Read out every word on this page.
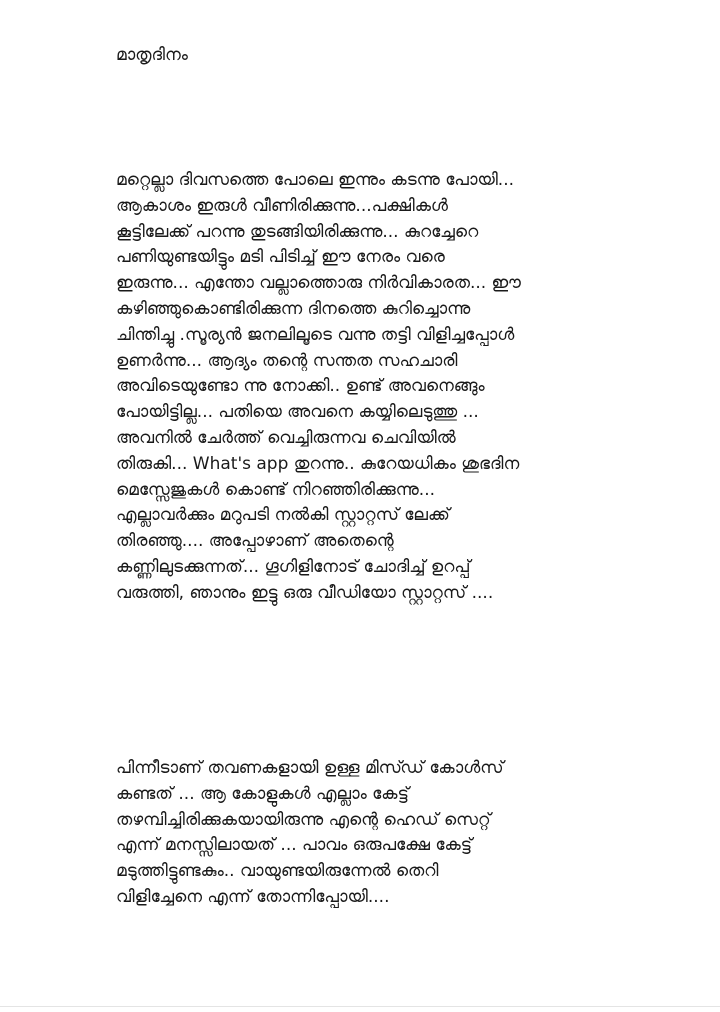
മാതൃദിനം
മറ്റെല്ലാ ദിവസത്തെ പോലെ ഇന്നും കടന്നു പോയി...
ആകാശം ഇരുൾ വീണിരിക്കുന്നു...പക്ഷികൾ
കൂട്ടിലേക്ക് പറന്നു തുടങ്ങിയിരിക്കുന്നു... കുറച്ചേറെ
പണിയുണ്ടയിട്ടും മടി പിടിച്ച് ഈ നേരം വരെ
ഇരുന്നു... എന്തോ വല്ലാത്തൊരു നിർവികാരത... ഈ
കഴിഞ്ഞുകൊണ്ടിരിക്കുന്ന ദിനത്തെ കുറിച്ചൊന്നു
ചിന്തിച്ചു .സൂര്യൻ ജനലിലൂടെ വന്നു തട്ടി വിളിച്ചപ്പോൾ
ഉണർന്നു... ആദ്യം തന്റെ സന്തത സഹചാരി
അവിടെയുണ്ടോ ന്നു നോക്കി.. ഉണ്ട് അവനെങ്ങും
പോയിട്ടില്ല... പതിയെ അവനെ കയ്യിലെടുത്തു ...
അവനിൽ ചേർത്ത് വെച്ചിരുന്നവ ചെവിയിൽ
തിരുകി... What's app തുറന്നു.. കുറേയധികം ശുഭദിന
മെസ്സേജുകൾ കൊണ്ട് നിറഞ്ഞിരിക്കുന്നു...
എല്ലാവർക്കും മറുപടി നൽകി സ്റ്റാറ്റസ് ലേക്ക്
തിരഞ്ഞു.... അപ്പോഴാണ് അതെന്റെ
കണ്ണിലുടക്കുന്നത്... ഗൂഗിളിനോട് ചോദിച്ച് ഉറപ്പ്
വരുത്തി, ഞാനും ഇട്ടു ഒരു വീഡിയോ സ്റ്റാറ്റസ് ....
പിന്നീടാണ് തവണകളായി ഉള്ള മിസ്ഡ് കോൾസ്
കണ്ടത് ... ആ കോളുകൾ എല്ലാം കേട്ട്
തഴമ്പിച്ചിരിക്കുകയായിരുന്നു എന്റെ ഹെഡ് സെറ്റ്
എന്ന് മനസ്സിലായത് ... പാവം ഒരുപക്ഷേ കേട്ട്
മടുത്തിട്ടുണ്ടകും.. വായുണ്ടയിരുന്നേൽ തെറി
വിളിച്ചേനെ എന്ന് തോന്നിപ്പോയി....
